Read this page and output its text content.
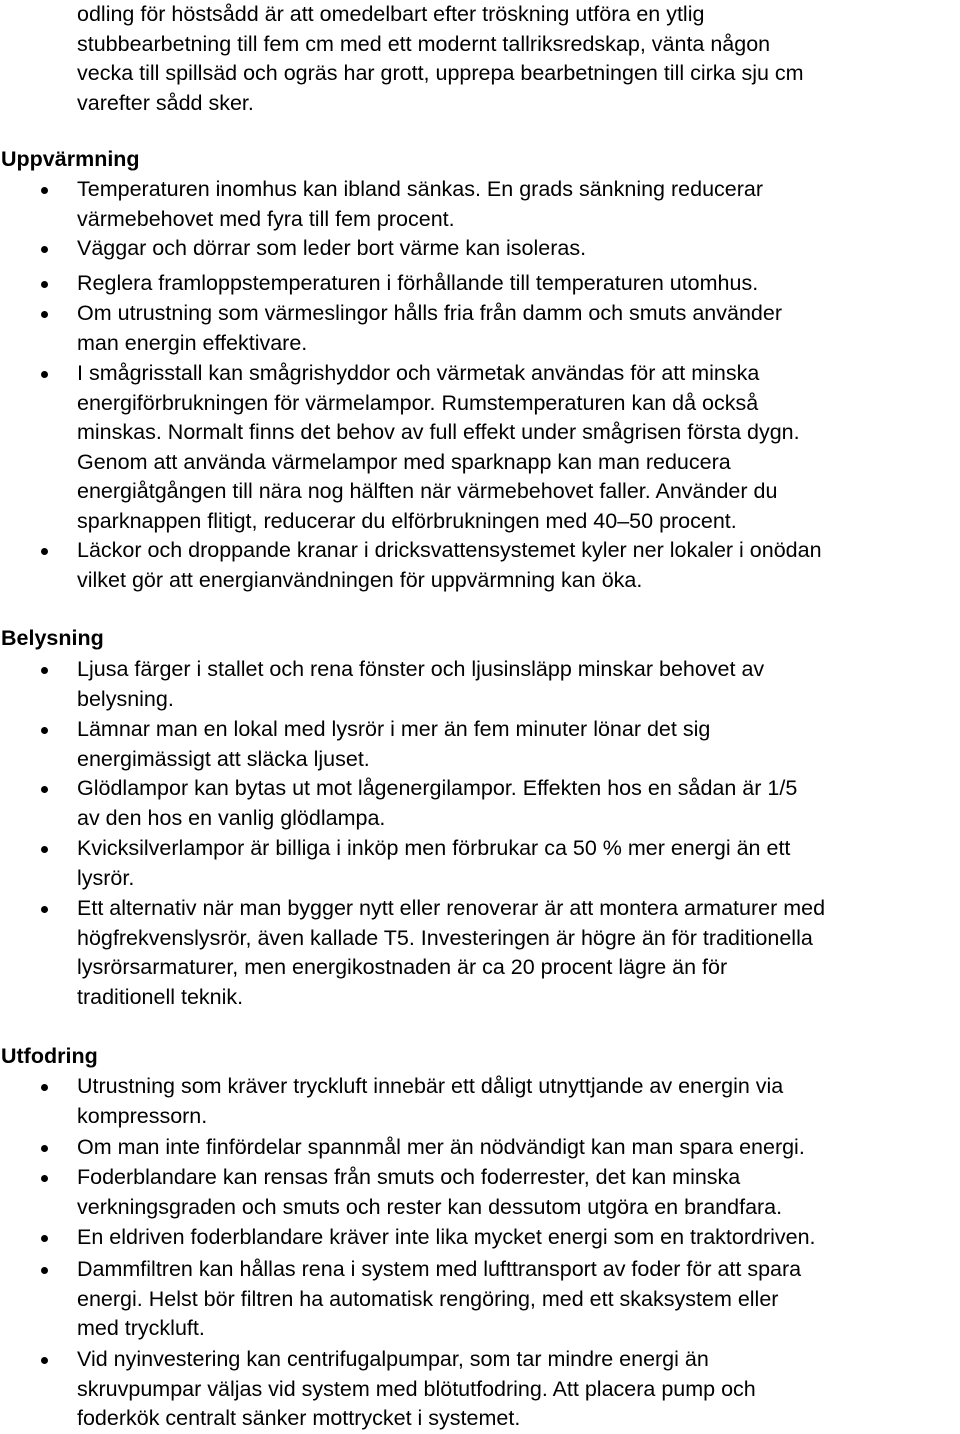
odling för höstsådd är att omedelbart efter tröskning utföra en ytlig
stubbearbetning till fem cm med ett modernt tallriksredskap, vänta någon
vecka till spillsäd och ogräs har grott, upprepa bearbetningen till cirka sju cm
varefter sådd sker.
Uppvärmning
Temperaturen inomhus kan ibland sänkas. En grads sänkning reducerar
värmebehovet med fyra till fem procent.
Väggar och dörrar som leder bort värme kan isoleras.
Reglera framloppstemperaturen i förhållande till temperaturen utomhus.
Om utrustning som värmeslingor hålls fria från damm och smuts använder
man energin effektivare.
I smågrisstall kan smågrishyddor och värmetak användas för att minska
energiförbrukningen för värmelampor. Rumstemperaturen kan då också
minskas. Normalt finns det behov av full effekt under smågrisen första dygn.
Genom att använda värmelampor med sparknapp kan man reducera
energiåtgången till nära nog hälften när värmebehovet faller. Använder du
sparknappen flitigt, reducerar du elförbrukningen med 40–50 procent.
Läckor och droppande kranar i dricksvattensystemet kyler ner lokaler i onödan
vilket gör att energianvändningen för uppvärmning kan öka.
Belysning
Ljusa färger i stallet och rena fönster och ljusinsläpp minskar behovet av
belysning.
Lämnar man en lokal med lysrör i mer än fem minuter lönar det sig
energimässigt att släcka ljuset.
Glödlampor kan bytas ut mot lågenergilampor. Effekten hos en sådan är 1/5
av den hos en vanlig glödlampa.
Kvicksilverlampor är billiga i inköp men förbrukar ca 50 % mer energi än ett
lysrör.
Ett alternativ när man bygger nytt eller renoverar är att montera armaturer med
högfrekvenslysrör, även kallade T5. Investeringen är högre än för traditionella
lysrörsarmaturer, men energikostnaden är ca 20 procent lägre än för
traditionell teknik.
Utfodring
Utrustning som kräver tryckluft innebär ett dåligt utnyttjande av energin via
kompressorn.
Om man inte finfördelar spannmål mer än nödvändigt kan man spara energi.
Foderblandare kan rensas från smuts och foderrester, det kan minska
verkningsgraden och smuts och rester kan dessutom utgöra en brandfara.
En eldriven foderblandare kräver inte lika mycket energi som en traktordriven.
Dammfiltren kan hållas rena i system med lufttransport av foder för att spara
energi. Helst bör filtren ha automatisk rengöring, med ett skaksystem eller
med tryckluft.
Vid nyinvestering kan centrifugalpumpar, som tar mindre energi än
skruvpumpar väljas vid system med blötutfodring. Att placera pump och
foderkök centralt sänker mottrycket i systemet.
